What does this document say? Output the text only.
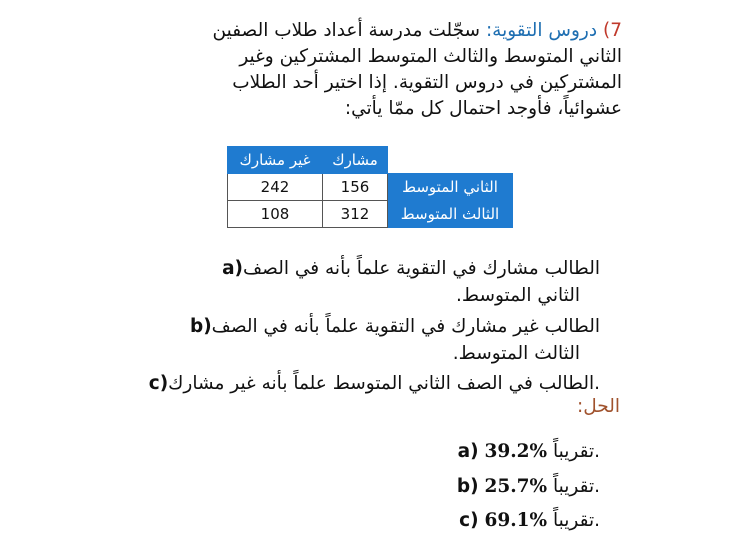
7) دروس التقوية: سجّلت مدرسة أعداد طلاب الصفين
الثاني المتوسط والثالث المتوسط المشتركين وغير
المشتركين في دروس التقوية. إذا اختير أحد الطلاب
عشوائياً، فأوجد احتمال كل ممّا يأتي:
غير مشارك	مشارك	
242	156	الثاني المتوسط
108	312	الثالث المتوسط
a)الطالب مشارك في التقوية علماً بأنه في الصف
الثاني المتوسط.
b)الطالب غير مشارك في التقوية علماً بأنه في الصف
الثالث المتوسط.
c)الطالب في الصف الثاني المتوسط علماً بأنه غير مشارك.
الحل:
a) 39.2% تقريباً.
b) 25.7% تقريباً.
c) 69.1% تقريباً.
